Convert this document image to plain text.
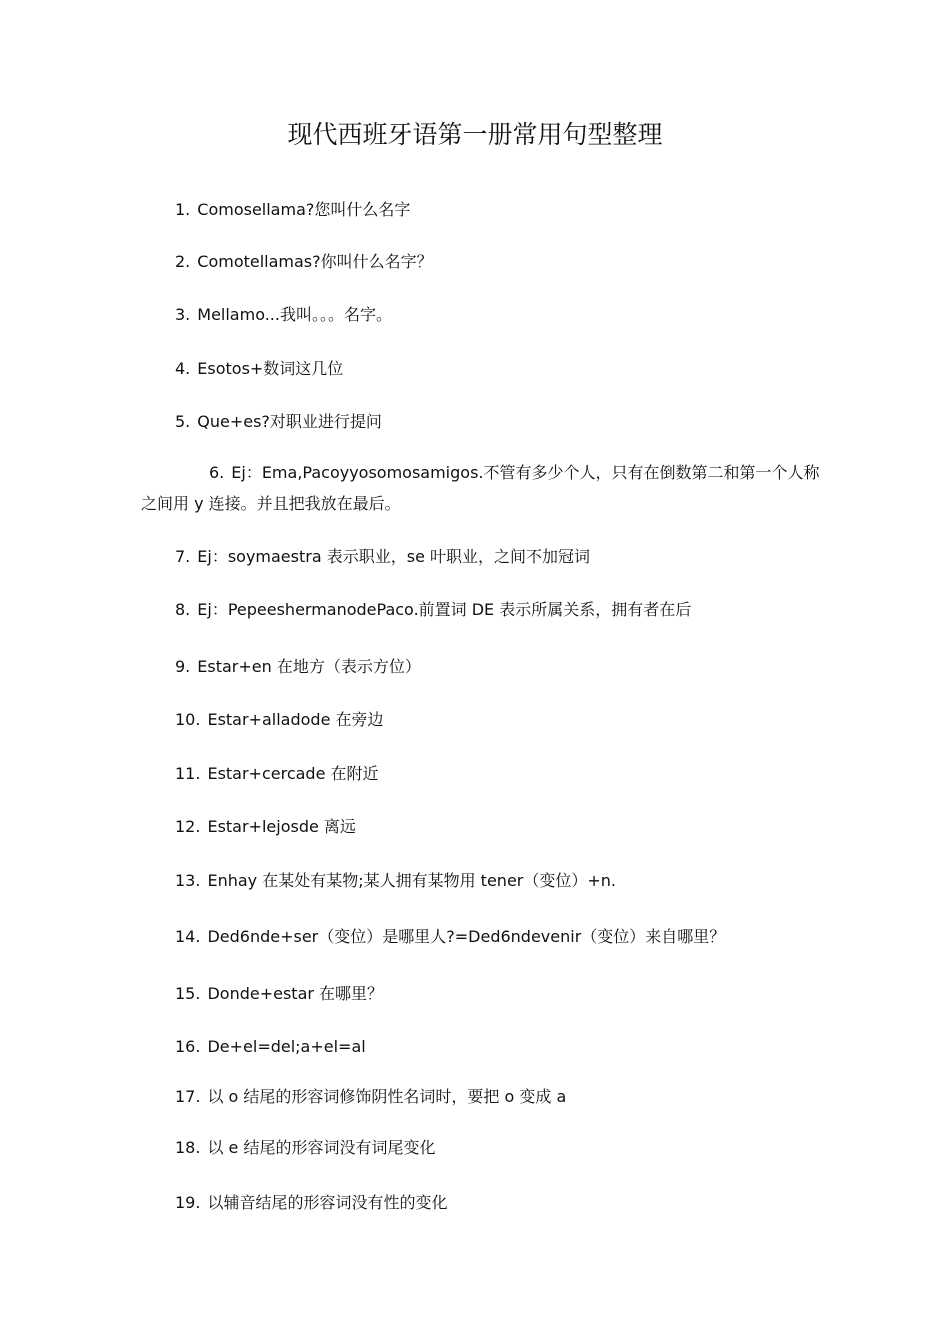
现代西班牙语第一册常用句型整理
1. Comosellama?您叫什么名字
2. Comotellamas?你叫什么名字？
3. Mellamo...我叫。。。名字。
4. Esotos+数词这几位
5. Que+es?对职业进行提问
6. Ej：Ema,Pacoyyosomosamigos.不管有多少个人，只有在倒数第二和第一个人称之间用 y 连接。并且把我放在最后。
7. Ej：soymaestra 表示职业，se 叶职业，之间不加冠词
8. Ej：PepeeshermanodePaco.前置词 DE 表示所属关系，拥有者在后
9. Estar+en 在地方（表示方位）
10. Estar+alladode 在旁边
11. Estar+cercade 在附近
12. Estar+lejosde 离远
13. Enhay 在某处有某物;某人拥有某物用 tener（变位）+n.
14. Ded6nde+ser（变位）是哪里人?=Ded6ndevenir（变位）来自哪里？
15. Donde+estar 在哪里？
16. De+el=del;a+el=al
17. 以 o 结尾的形容词修饰阴性名词时，要把 o 变成 a
18. 以 e 结尾的形容词没有词尾变化
19. 以辅音结尾的形容词没有性的变化
